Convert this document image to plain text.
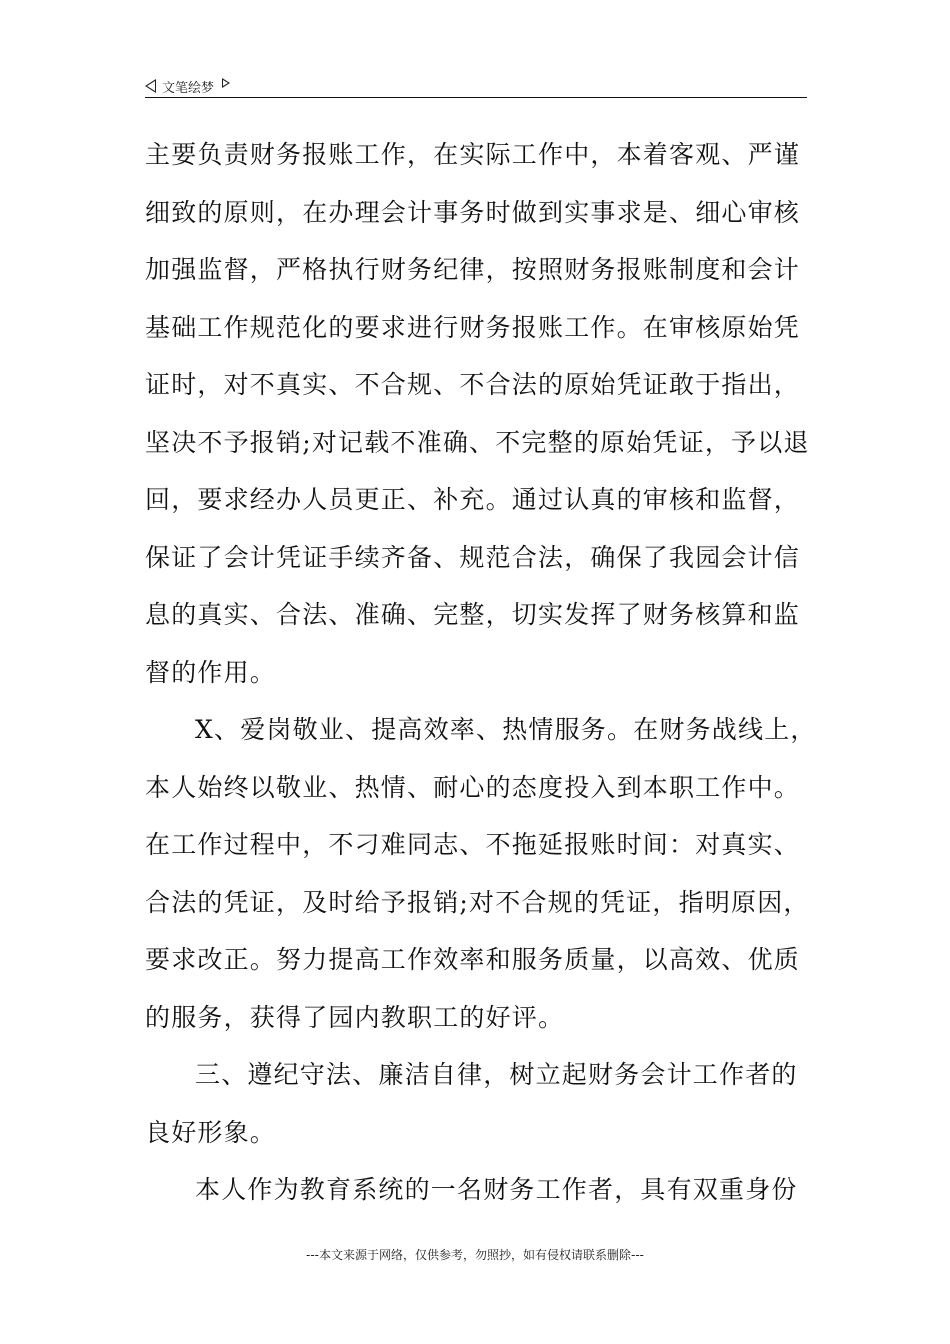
文笔绘梦
主要负责财务报账工作，在实际工作中，本着客观、严谨
细致的原则，在办理会计事务时做到实事求是、细心审核
加强监督，严格执行财务纪律，按照财务报账制度和会计
基础工作规范化的要求进行财务报账工作。在审核原始凭
证时，对不真实、不合规、不合法的原始凭证敢于指出，
坚决不予报销;对记载不准确、不完整的原始凭证，予以退
回，要求经办人员更正、补充。通过认真的审核和监督，
保证了会计凭证手续齐备、规范合法，确保了我园会计信
息的真实、合法、准确、完整，切实发挥了财务核算和监
督的作用。
X、爱岗敬业、提高效率、热情服务。在财务战线上，
本人始终以敬业、热情、耐心的态度投入到本职工作中。
在工作过程中，不刁难同志、不拖延报账时间：对真实、
合法的凭证，及时给予报销;对不合规的凭证，指明原因，
要求改正。努力提高工作效率和服务质量，以高效、优质
的服务，获得了园内教职工的好评。
三、遵纪守法、廉洁自律，树立起财务会计工作者的
良好形象。
本人作为教育系统的一名财务工作者，具有双重身份
---本文来源于网络，仅供参考，勿照抄，如有侵权请联系删除---
